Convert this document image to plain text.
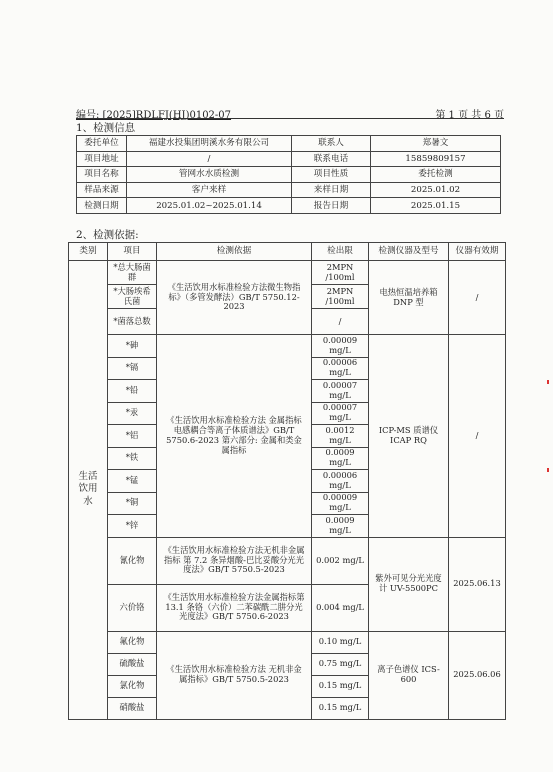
编号: [2025]RDLFJ(HJ)0102-07	第 1 页 共 6 页
1、检测信息
委托单位	福建水投集团明溪水务有限公司	联系人	郑暑文
项目地址	/	联系电话	15859809157
项目名称	管网水水质检测	项目性质	委托检测
样品来源	客户来样	来样日期	2025.01.02
检测日期	2025.01.02~2025.01.14	报告日期	2025.01.15
2、检测依据:
类别	项目	检测依据	检出限	检测仪器及型号	仪器有效期

生活饮用水	*总大肠菌群	《生活饮用水标准检验方法微生物指标》（多管发酵法）GB/T 5750.12-2023	2MPN /100ml	电热恒温培养箱 DNP 型	/
	*大肠埃希氏菌		2MPN /100ml		
	*菌落总数		/		
	*砷	《生活饮用水标准检验方法 金属指标 电感耦合等离子体质谱法》GB/T 5750.6-2023 第六部分: 金属和类金属指标	0.00009 mg/L	ICP-MS 质谱仪 ICAP RQ	/
	*镉		0.00006 mg/L		
	*铅		0.00007 mg/L		
	*汞		0.00007 mg/L		
	*铝		0.0012 mg/L		
	*铁		0.0009 mg/L		
	*锰		0.00006 mg/L		
	*铜		0.00009 mg/L		
	*锌		0.0009 mg/L		
	氰化物	《生活饮用水标准检验方法无机非金属指标 第 7.2 条异烟酸-巴比妥酸分光光度法》GB/T 5750.5-2023	0.002 mg/L	紫外可见分光光度计 UV-5500PC	2025.06.13
	六价铬	《生活饮用水标准检验方法金属指标第 13.1 条铬（六价）二苯碳酰二肼分光光度法》GB/T 5750.6-2023	0.004 mg/L		
	氟化物	《生活饮用水标准检验方法 无机非金属指标》GB/T 5750.5-2023	0.10 mg/L	离子色谱仪 ICS-600	2025.06.06
	硫酸盐		0.75 mg/L		
	氯化物		0.15 mg/L		
	硝酸盐		0.15 mg/L		
